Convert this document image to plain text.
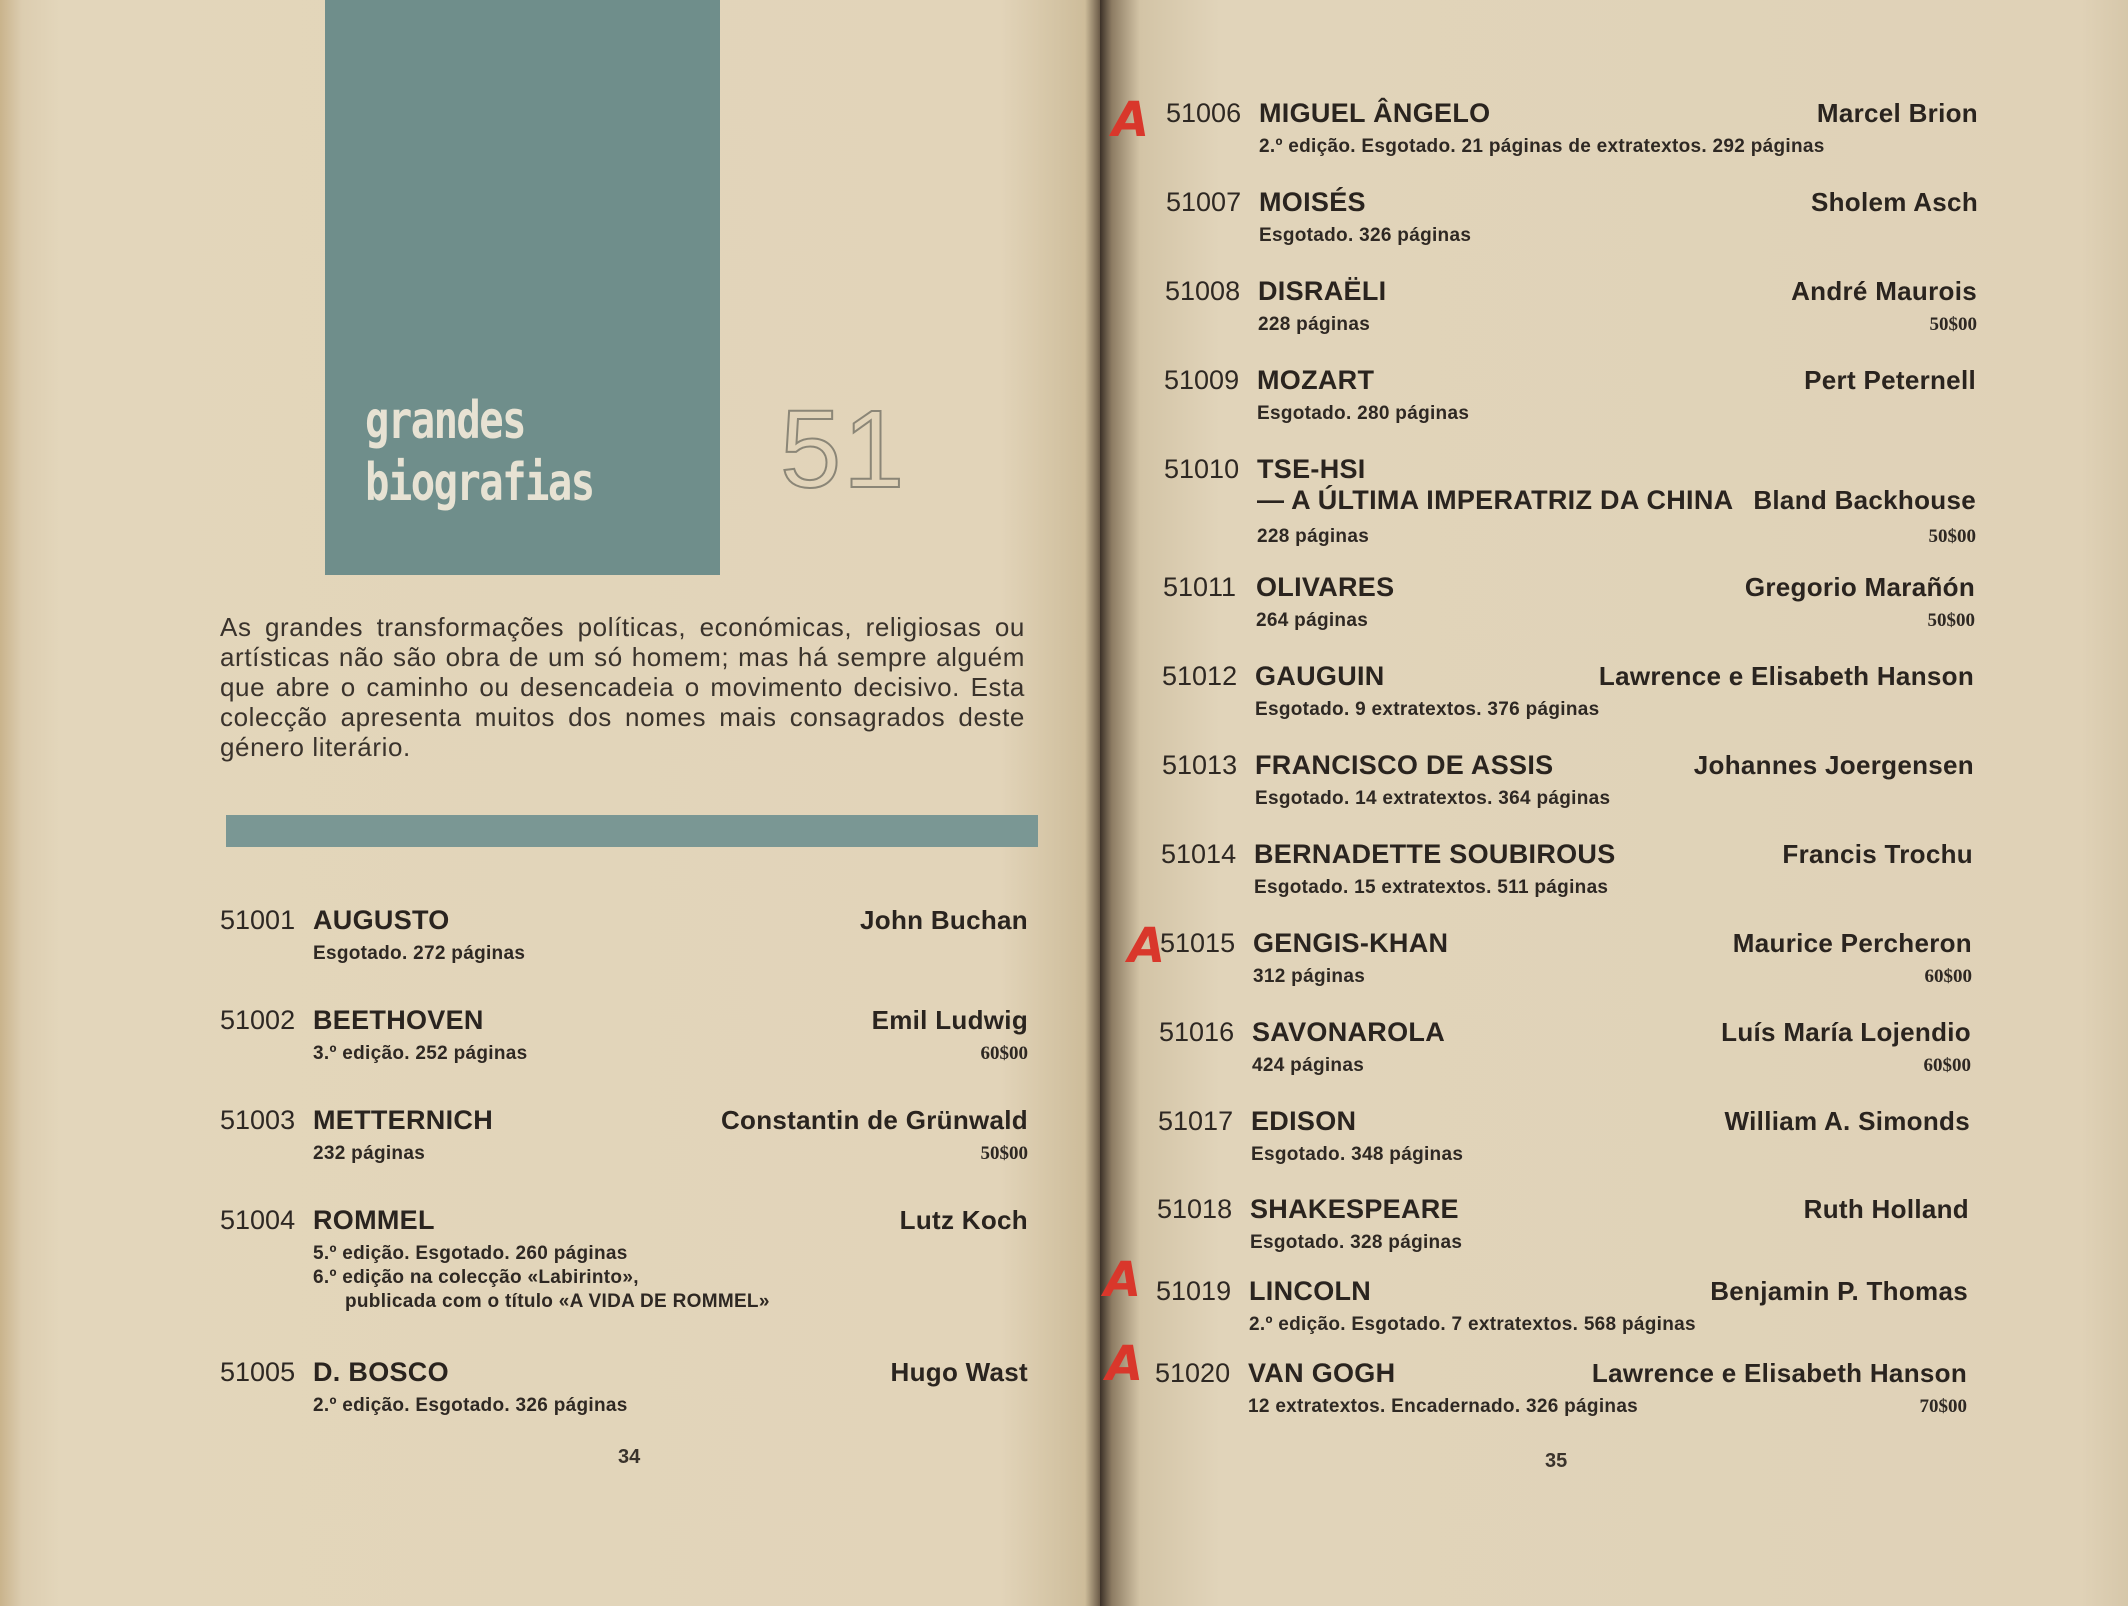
grandes
biografias 51
As grandes transformações políticas, económicas, religiosas ou artísticas não são obra de um só homem; mas há sempre alguém que abre o caminho ou desencadeia o movimento decisivo. Esta colecção apresenta muitos dos nomes mais consagrados deste género literário.
51001 AUGUSTO	John Buchan
Esgotado. 272 páginas
51002 BEETHOVEN	Emil Ludwig
3.º edição. 252 páginas	60$00
51003 METTERNICH	Constantin de Grünwald
232 páginas	50$00
51004 ROMMEL	Lutz Koch
5.º edição. Esgotado. 260 páginas
6.º edição na colecção «Labirinto»,
publicada com o título «A VIDA DE ROMMEL»
51005 D. BOSCO	Hugo Wast
2.º edição. Esgotado. 326 páginas
34
51006 MIGUEL ÂNGELO	Marcel Brion
2.º edição. Esgotado. 21 páginas de extratextos. 292 páginas
A
51007 MOISÉS	Sholem Asch
Esgotado. 326 páginas
51008 DISRAËLI	André Maurois
228 páginas	50$00
51009 MOZART	Pert Peternell
Esgotado. 280 páginas
51010 TSE-HSI
— A ÚLTIMA IMPERATRIZ DA CHINA Bland Backhouse
228 páginas	50$00
51011 OLIVARES	Gregorio Marañón
264 páginas	50$00
51012 GAUGUIN	Lawrence e Elisabeth Hanson
Esgotado. 9 extratextos. 376 páginas
51013 FRANCISCO DE ASSIS	Johannes Joergensen
Esgotado. 14 extratextos. 364 páginas
51014 BERNADETTE SOUBIROUS	Francis Trochu
Esgotado. 15 extratextos. 511 páginas
51015 GENGIS-KHAN	Maurice Percheron
312 páginas	60$00
A
51016 SAVONAROLA	Luís María Lojendio
424 páginas	60$00
51017 EDISON	William A. Simonds
Esgotado. 348 páginas
51018 SHAKESPEARE	Ruth Holland
Esgotado. 328 páginas
51019 LINCOLN	Benjamin P. Thomas
2.º edição. Esgotado. 7 extratextos. 568 páginas
A
51020 VAN GOGH	Lawrence e Elisabeth Hanson
12 extratextos. Encadernado. 326 páginas	70$00
A
35
